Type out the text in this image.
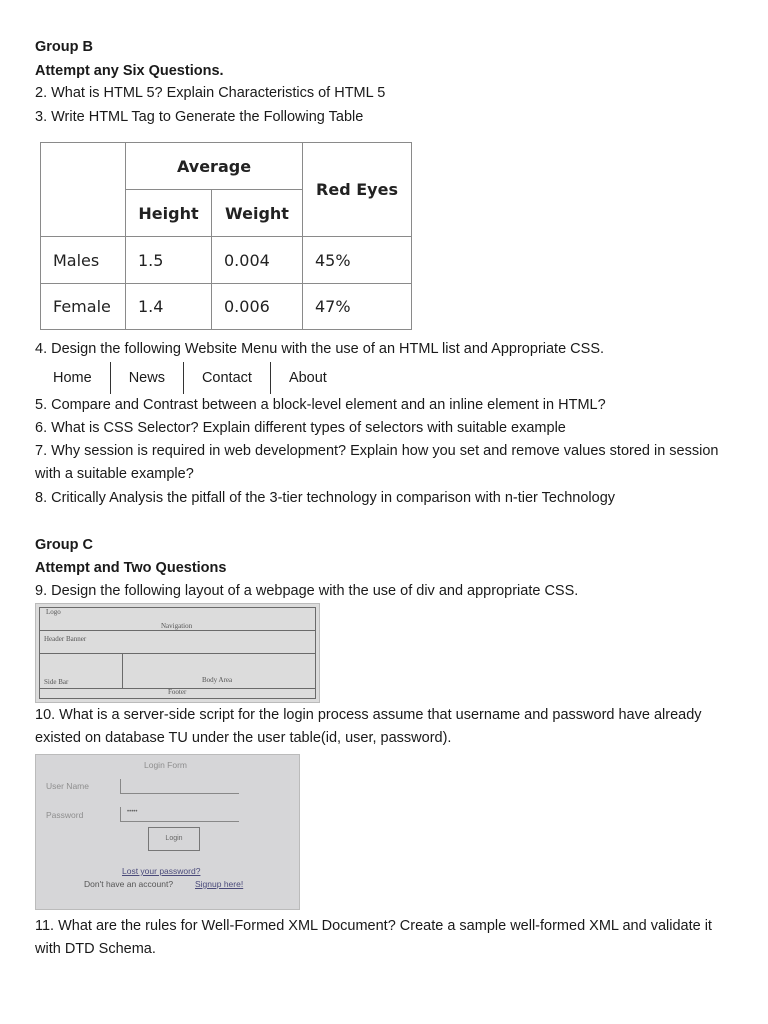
Group B
Attempt any Six Questions.
2. What is HTML 5? Explain Characteristics of HTML 5
3. Write HTML Tag to Generate the Following Table
	Average		Red Eyes
	Height	Weight	
Males	1.5	0.004	45%
Female	1.4	0.006	47%
4. Design the following Website Menu with the use of an HTML list and Appropriate CSS.
Home	News	Contact	About
5. Compare and Contrast between a block-level element and an inline element in HTML?
6. What is CSS Selector? Explain different types of selectors with suitable example
7. Why session is required in web development? Explain how you set and remove values stored in session with a suitable example?
8. Critically Analysis the pitfall of the 3-tier technology in comparison with n-tier Technology
Group C
Attempt and Two Questions
9. Design the following layout of a webpage with the use of div and appropriate CSS.
Logo
Navigation
Header Banner
Side Bar	Body Area
Footer
10. What is a server-side script for the login process assume that username and password have already existed on database TU under the user table(id, user, password).
Login Form
User Name
Password	•••••
Login
Lost your password?
Don't have an account?	Signup here!
11. What are the rules for Well-Formed XML Document? Create a sample well-formed XML and validate it with DTD Schema.
